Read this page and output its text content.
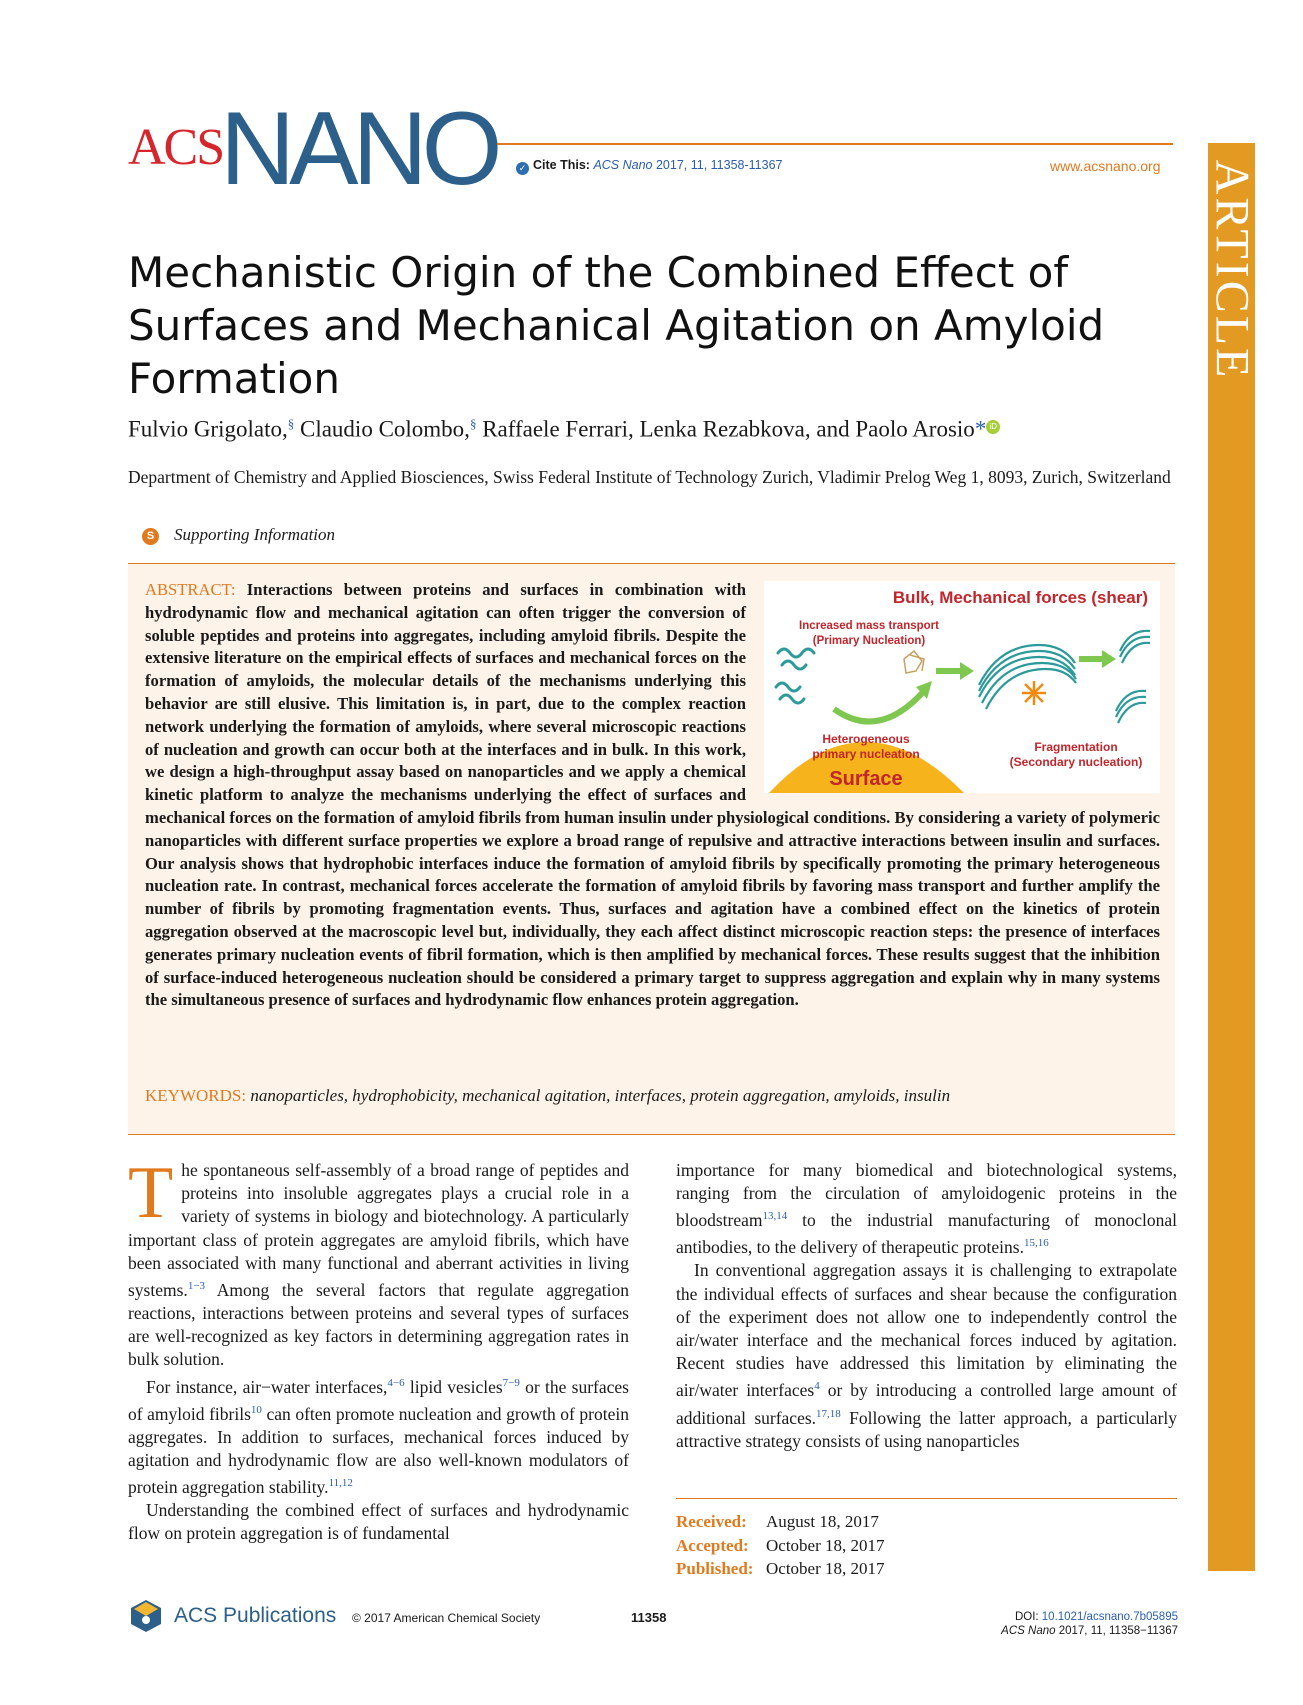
ACS
NANO	✓ Cite This: ACS Nano 2017, 11, 11358-11367	www.acsnano.org ARTICLE
Mechanistic Origin of the Combined Effect of Surfaces and Mechanical Agitation on Amyloid Formation
Fulvio Grigolato,§ Claudio Colombo,§ Raffaele Ferrari, Lenka Rezabkova, and Paolo Arosio* iD
Department of Chemistry and Applied Biosciences, Swiss Federal Institute of Technology Zurich, Vladimir Prelog Weg 1, 8093, Zurich, Switzerland
S Supporting Information
Bulk, Mechanical forces (shear)
Increased mass transport
(Primary Nucleation)
Heterogeneous
primary nucleation
Surface
Fragmentation
(Secondary nucleation)
ABSTRACT: Interactions between proteins and surfaces in combination with hydrodynamic flow and mechanical agitation can often trigger the conversion of soluble peptides and proteins into aggregates, including amyloid fibrils. Despite the extensive literature on the empirical effects of surfaces and mechanical forces on the formation of amyloids, the molecular details of the mechanisms underlying this behavior are still elusive. This limitation is, in part, due to the complex reaction network underlying the formation of amyloids, where several microscopic reactions of nucleation and growth can occur both at the interfaces and in bulk. In this work, we design a high-throughput assay based on nanoparticles and we apply a chemical kinetic platform to analyze the mechanisms underlying the effect of surfaces and mechanical forces on the formation of amyloid fibrils from human insulin under physiological conditions. By considering a variety of polymeric nanoparticles with different surface properties we explore a broad range of repulsive and attractive interactions between insulin and surfaces. Our analysis shows that hydrophobic interfaces induce the formation of amyloid fibrils by specifically promoting the primary heterogeneous nucleation rate. In contrast, mechanical forces accelerate the formation of amyloid fibrils by favoring mass transport and further amplify the number of fibrils by promoting fragmentation events. Thus, surfaces and agitation have a combined effect on the kinetics of protein aggregation observed at the macroscopic level but, individually, they each affect distinct microscopic reaction steps: the presence of interfaces generates primary nucleation events of fibril formation, which is then amplified by mechanical forces. These results suggest that the inhibition of surface-induced heterogeneous nucleation should be considered a primary target to suppress aggregation and explain why in many systems the simultaneous presence of surfaces and hydrodynamic flow enhances protein aggregation.
KEYWORDS: nanoparticles, hydrophobicity, mechanical agitation, interfaces, protein aggregation, amyloids, insulin

The spontaneous self-assembly of a broad range of peptides and proteins into insoluble aggregates plays a crucial role in a variety of systems in biology and biotechnology. A particularly important class of protein aggregates are amyloid fibrils, which have been associated with many functional and aberrant activities in living systems.$^{1-3}$ Among the several factors that regulate aggregation reactions, interactions between proteins and several types of surfaces are well-recognized as key factors in determining aggregation rates in bulk solution.

For instance, air−water interfaces,$^{4-6}$ lipid vesicles$^{7-9}$ or the surfaces of amyloid fibrils$^{10}$ can often promote nucleation and growth of protein aggregates. In addition to surfaces, mechanical forces induced by agitation and hydrodynamic flow are also well-known modulators of protein aggregation stability.$^{11,12}$

Understanding the combined effect of surfaces and hydrodynamic flow on protein aggregation is of fundamental

importance for many biomedical and biotechnological systems, ranging from the circulation of amyloidogenic proteins in the bloodstream$^{13,14}$ to the industrial manufacturing of monoclonal antibodies, to the delivery of therapeutic proteins.$^{15,16}$

In conventional aggregation assays it is challenging to extrapolate the individual effects of surfaces and shear because the configuration of the experiment does not allow one to independently control the air/water interface and the mechanical forces induced by agitation. Recent studies have addressed this limitation by eliminating the air/water interfaces$^4$ or by introducing a controlled large amount of additional surfaces.$^{17,18}$ Following the latter approach, a particularly attractive strategy consists of using nanoparticles

Received: August 18, 2017
Accepted: October 18, 2017
Published: October 18, 2017
ACS Publications © 2017 American Chemical Society	11358	DOI: 10.1021/acsnano.7b05895
ACS Nano 2017, 11, 11358−11367
